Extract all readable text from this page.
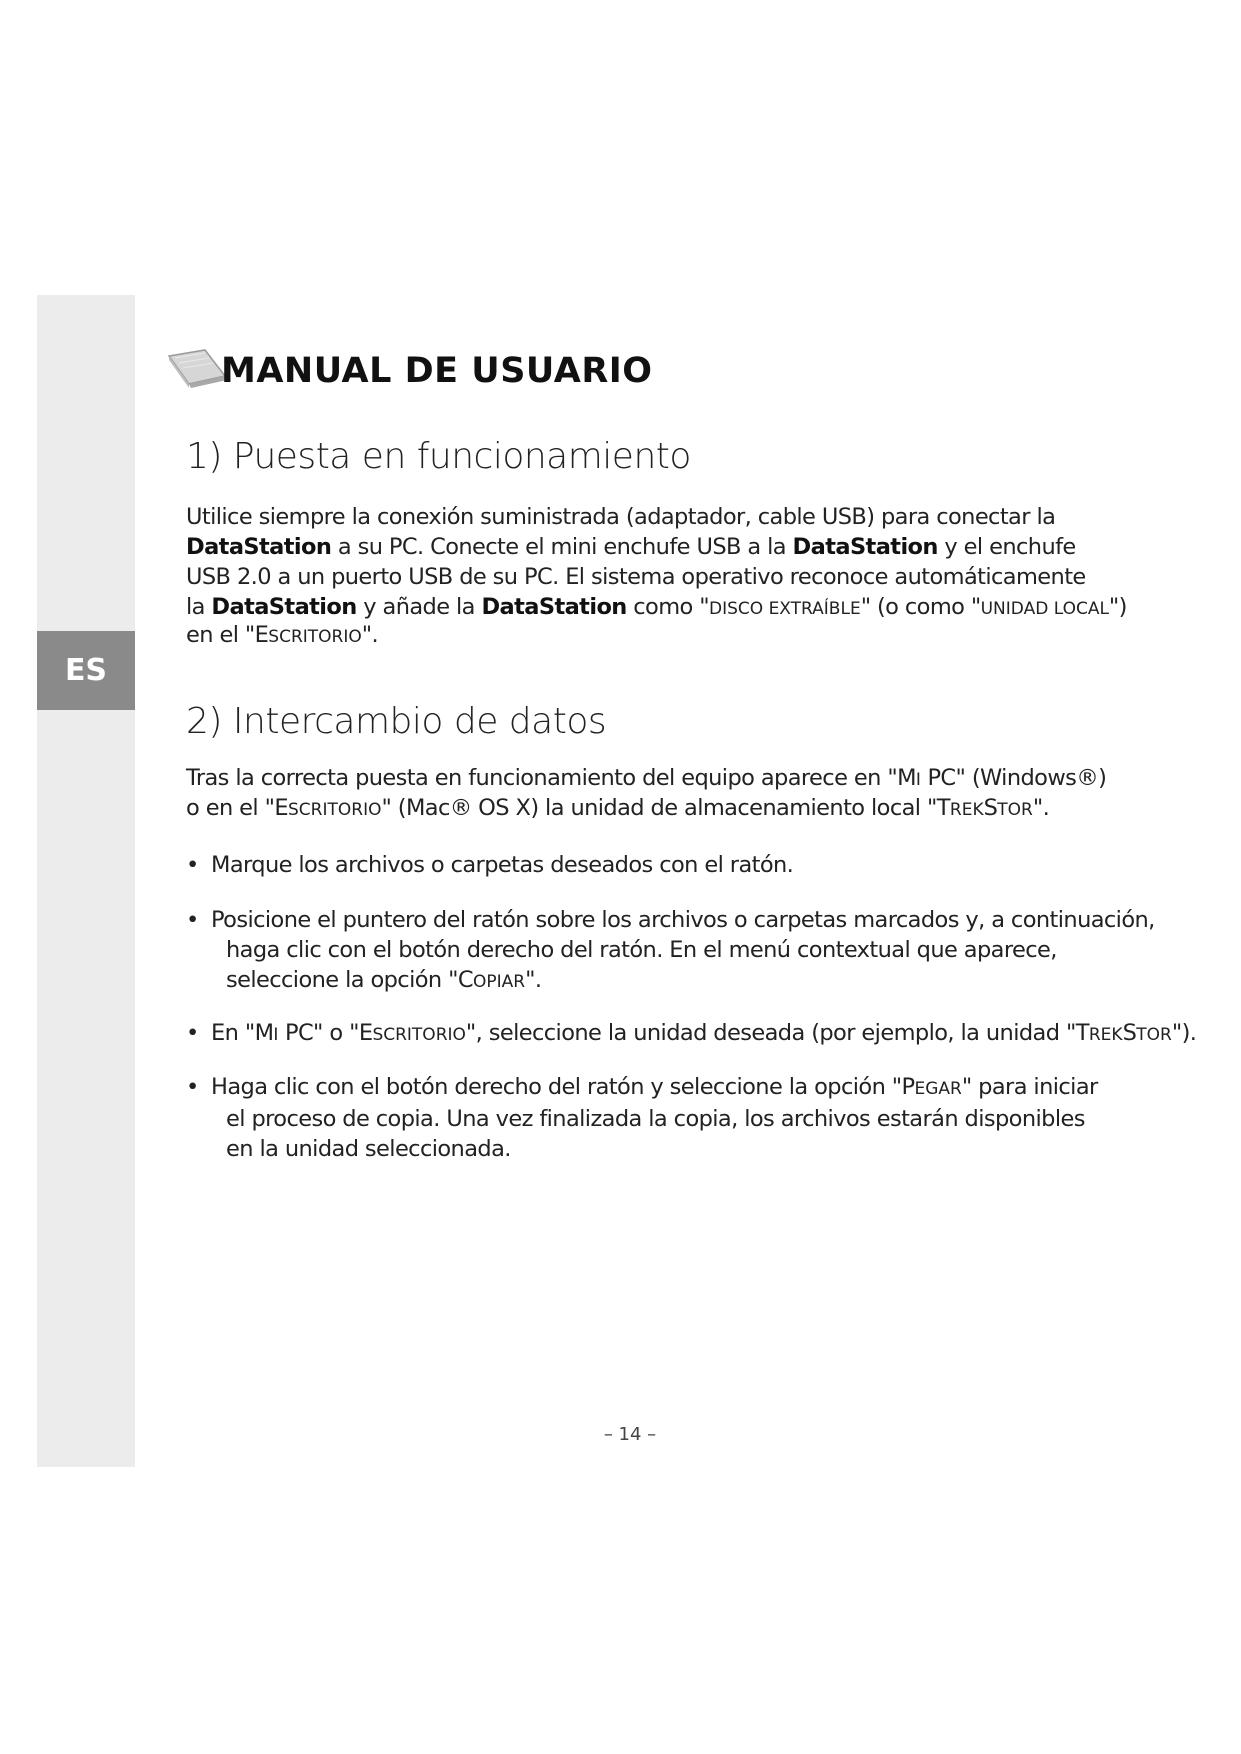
ES
MANUAL DE USUARIO
1) Puesta en funcionamiento

Utilice siempre la conexión suministrada (adaptador, cable USB) para conectar la

DataStation a su PC. Conecte el mini enchufe USB a la DataStation y el enchufe

USB 2.0 a un puerto USB de su PC. El sistema operativo reconoce automáticamente

la DataStation y añade la DataStation como "DISCO EXTRAÍBLE" (o como "UNIDAD LOCAL")

en el "ESCRITORIO".

2) Intercambio de datos

Tras la correcta puesta en funcionamiento del equipo aparece en "MI PC" (Windows®)

o en el "ESCRITORIO" (Mac® OS X) la unidad de almacenamiento local "TREKSTOR".

• Marque los archivos o carpetas deseados con el ratón.
• Posicione el puntero del ratón sobre los archivos o carpetas marcados y, a continuación,
haga clic con el botón derecho del ratón. En el menú contextual que aparece,
seleccione la opción "COPIAR".
• En "MI PC" o "ESCRITORIO", seleccione la unidad deseada (por ejemplo, la unidad "TREKSTOR").
• Haga clic con el botón derecho del ratón y seleccione la opción "PEGAR" para iniciar
el proceso de copia. Una vez finalizada la copia, los archivos estarán disponibles
en la unidad seleccionada.
– 14 –
